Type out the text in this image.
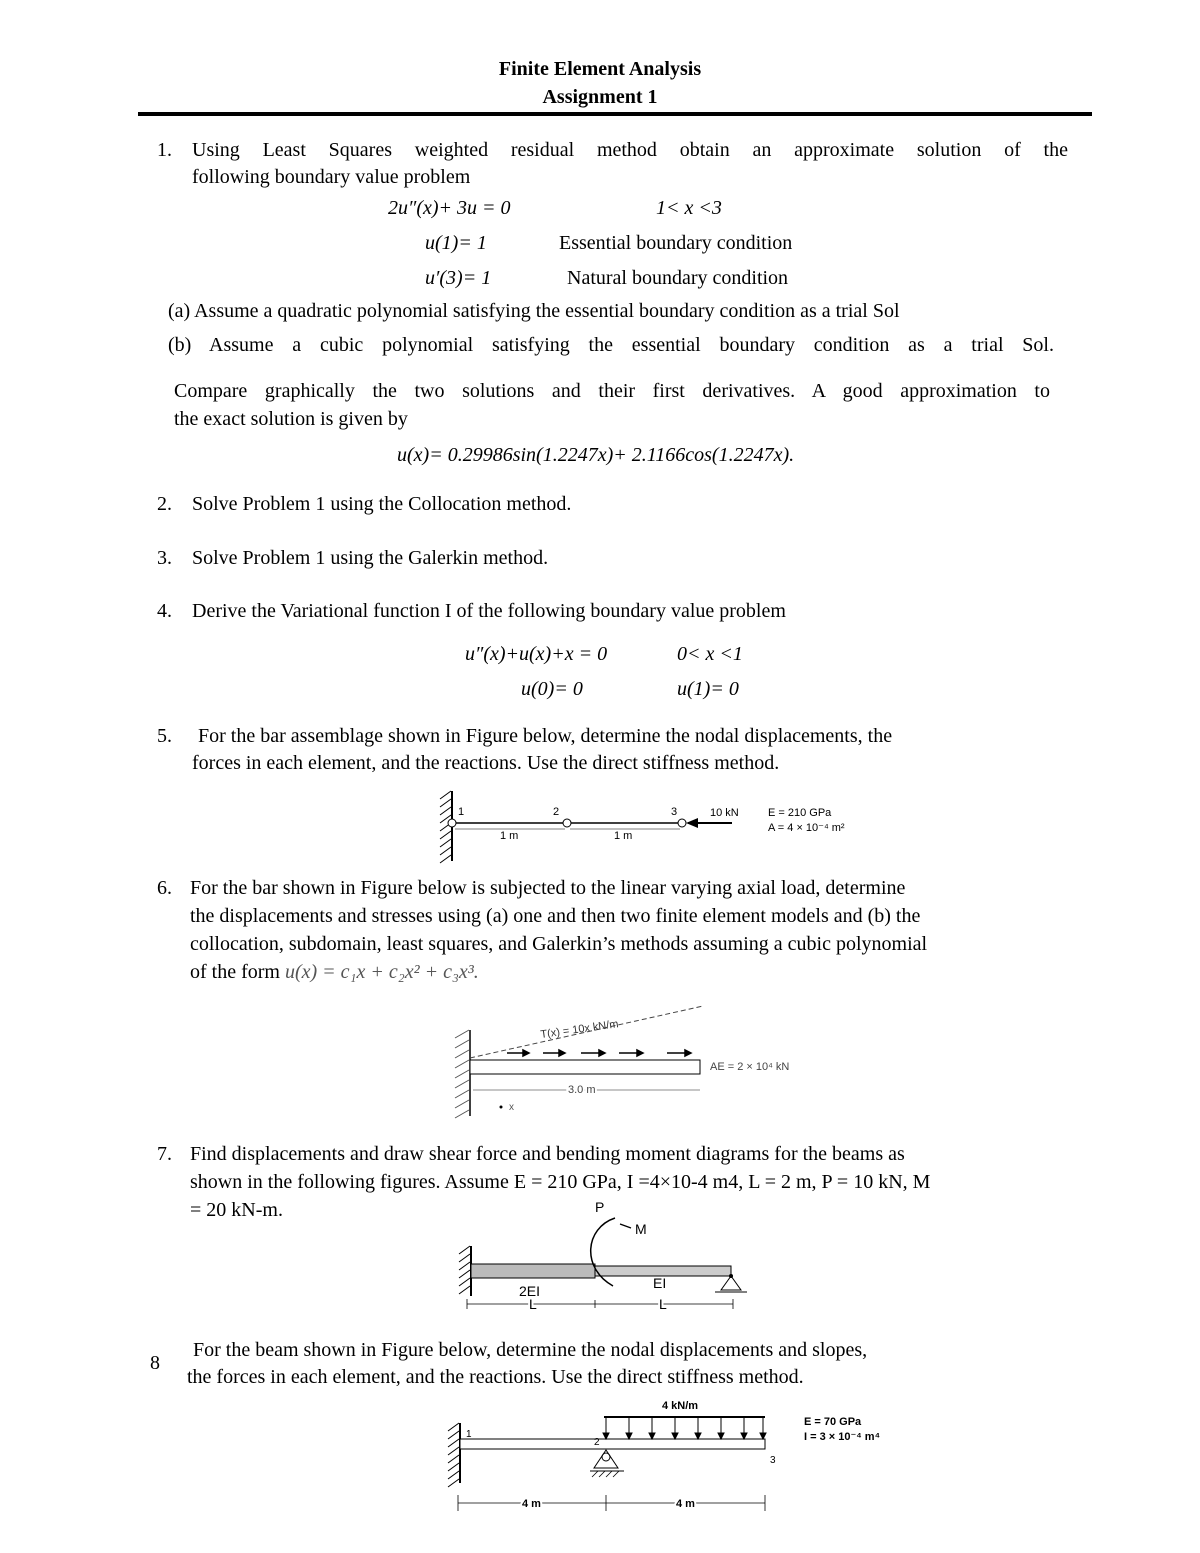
Finite Element Analysis
Assignment 1
1. Using Least Squares weighted residual method obtain an approximate solution of the
following boundary value problem
2u″(x)+ 3u = 0	1< x <3
u(1)= 1	Essential boundary condition
u′(3)= 1	Natural boundary condition
(a) Assume a quadratic polynomial satisfying the essential boundary condition as a trial Sol
(b) Assume a cubic polynomial satisfying the essential boundary condition as a trial Sol.
Compare graphically the two solutions and their first derivatives. A good approximation to
the exact solution is given by
u(x)= 0.29986sin(1.2247x)+ 2.1166cos(1.2247x).
2. Solve Problem 1 using the Collocation method.
3. Solve Problem 1 using the Galerkin method.
4. Derive the Variational function I of the following boundary value problem
u″(x)+u(x)+x = 0	0< x <1
u(0)= 0	u(1)= 0
5. For the bar assemblage shown in Figure below, determine the nodal displacements, the
forces in each element, and the reactions. Use the direct stiffness method.
1	2	3
1 m	1 m
10 kN	E = 210 GPa
A = 4 × 10⁻⁴ m²
6. For the bar shown in Figure below is subjected to the linear varying axial load, determine
the displacements and stresses using (a) one and then two finite element models and (b) the
collocation, subdomain, least squares, and Galerkin’s methods assuming a cubic polynomial
of the form u(x) = c₁x + c₂x² + c₃x³.
T(x) = 10x kN/m
AE = 2 × 10⁴ kN
3.0 m
x
7. Find displacements and draw shear force and bending moment diagrams for the beams as
shown in the following figures. Assume E = 210 GPa, I =4×10-4 m4, L = 2 m, P = 10 kN, M
= 20 kN-m.	P
M
2EI	EI
L	L
8
For the beam shown in Figure below, determine the nodal displacements and slopes,
the forces in each element, and the reactions. Use the direct stiffness method.
1
2
3
4 kN/m
4 m	4 m
E = 70 GPa
I = 3 × 10⁻⁴ m⁴
